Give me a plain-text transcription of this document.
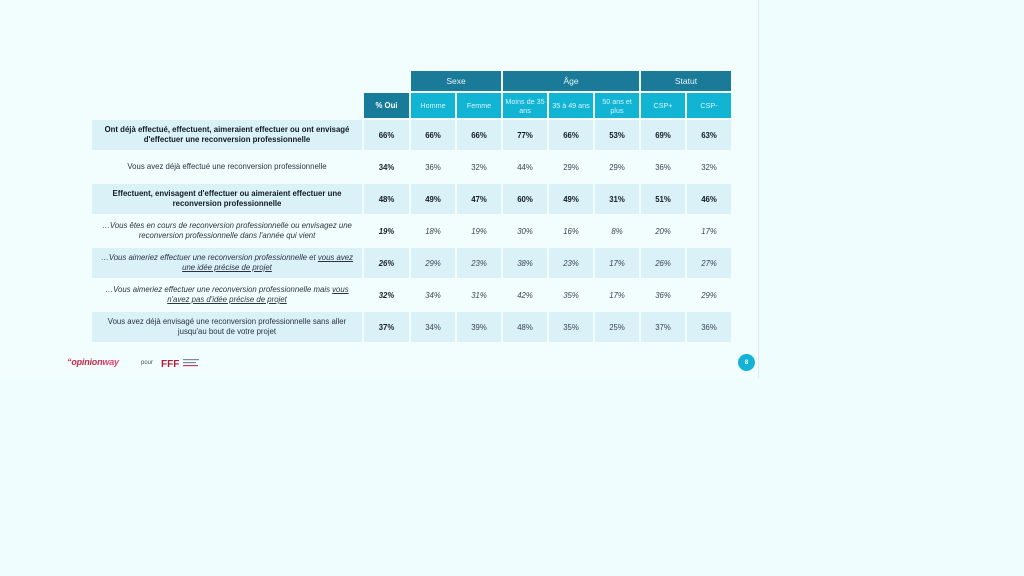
		Sexe		Âge			Statut	
	% Oui	Homme	Femme	Moins de 35 ans	35 à 49 ans	50 ans et plus	CSP+	CSP-
Ont déjà effectué, effectuent, aimeraient effectuer ou ont envisagé d'effectuer une reconversion professionnelle	66%	66%	66%	77%	66%	53%	69%	63%
Vous avez déjà effectué une reconversion professionnelle	34%	36%	32%	44%	29%	29%	36%	32%
Effectuent, envisagent d'effectuer ou aimeraient effectuer une reconversion professionnelle	48%	49%	47%	60%	49%	31%	51%	46%
…Vous êtes en cours de reconversion professionnelle ou envisagez une reconversion professionnelle dans l'année qui vient	19%	18%	19%	30%	16%	8%	20%	17%
…Vous aimeriez effectuer une reconversion professionnelle et vous avez une idée précise de projet	26%	29%	23%	38%	23%	17%	26%	27%
…Vous aimeriez effectuer une reconversion professionnelle mais vous n'avez pas d'idée précise de projet	32%	34%	31%	42%	35%	17%	36%	29%
Vous avez déjà envisagé une reconversion professionnelle sans aller jusqu'au bout de votre projet	37%	34%	39%	48%	35%	25%	37%	36%
“opinionway	pour FFF	8
